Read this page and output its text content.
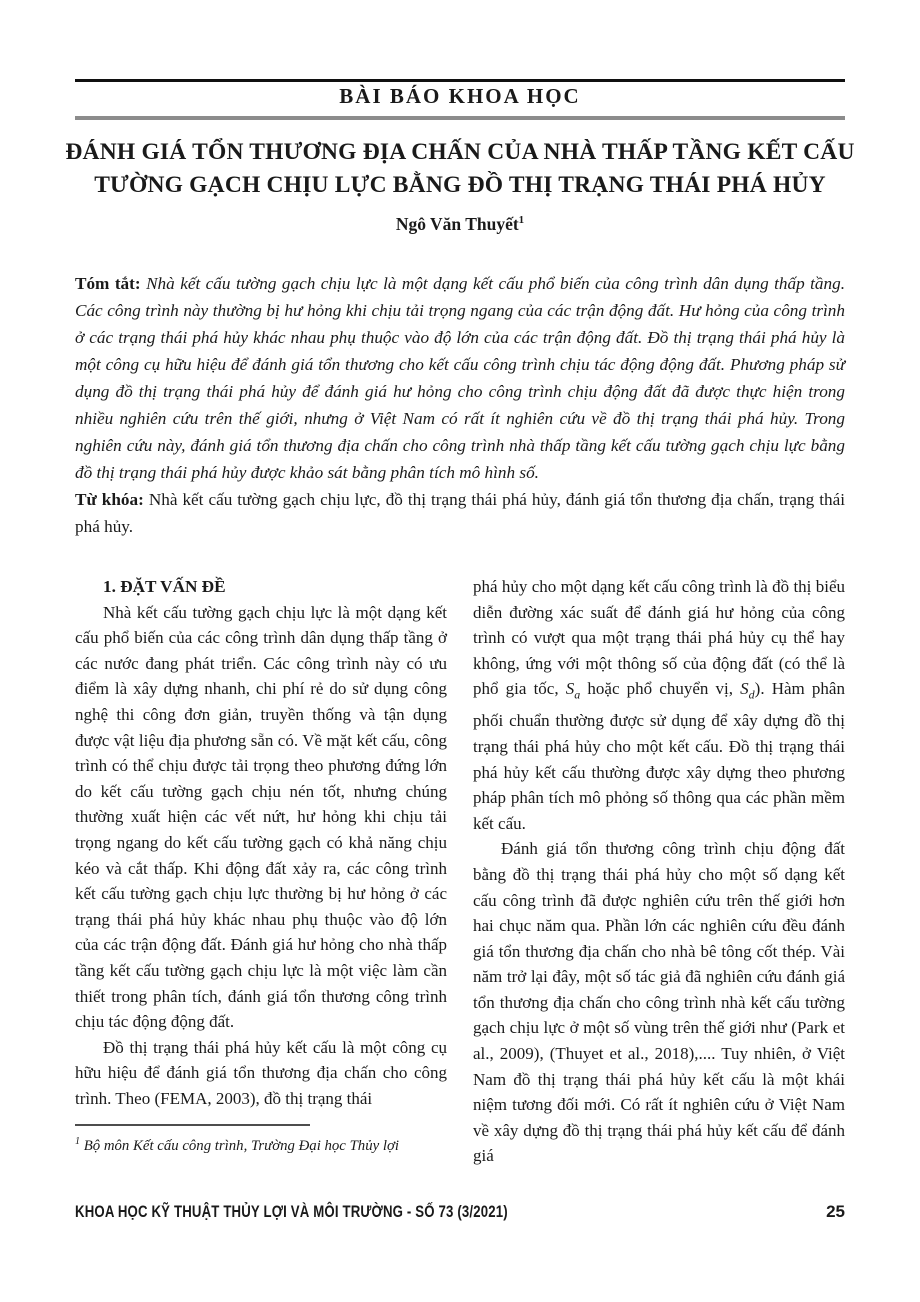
BÀI BÁO KHOA HỌC
ĐÁNH GIÁ TỔN THƯƠNG ĐỊA CHẤN CỦA NHÀ THẤP TẦNG KẾT CẤU
TƯỜNG GẠCH CHỊU LỰC BẰNG ĐỒ THỊ TRẠNG THÁI PHÁ HỦY
Ngô Văn Thuyết$^1$

Tóm tắt: Nhà kết cấu tường gạch chịu lực là một dạng kết cấu phổ biến của công trình dân dụng thấp tầng. Các công trình này thường bị hư hỏng khi chịu tải trọng ngang của các trận động đất. Hư hỏng của công trình ở các trạng thái phá hủy khác nhau phụ thuộc vào độ lớn của các trận động đất. Đồ thị trạng thái phá hủy là một công cụ hữu hiệu để đánh giá tổn thương cho kết cấu công trình chịu tác động động đất. Phương pháp sử dụng đồ thị trạng thái phá hủy để đánh giá hư hỏng cho công trình chịu động đất đã được thực hiện trong nhiều nghiên cứu trên thế giới, nhưng ở Việt Nam có rất ít nghiên cứu về đồ thị trạng thái phá hủy. Trong nghiên cứu này, đánh giá tổn thương địa chấn cho công trình nhà thấp tầng kết cấu tường gạch chịu lực bằng đồ thị trạng thái phá hủy được khảo sát bằng phân tích mô hình số.

Từ khóa: Nhà kết cấu tường gạch chịu lực, đồ thị trạng thái phá hủy, đánh giá tổn thương địa chấn, trạng thái phá hủy.

1. ĐẶT VẤN ĐỀ

Nhà kết cấu tường gạch chịu lực là một dạng kết cấu phổ biến của các công trình dân dụng thấp tầng ở các nước đang phát triển. Các công trình này có ưu điểm là xây dựng nhanh, chi phí rẻ do sử dụng công nghệ thi công đơn giản, truyền thống và tận dụng được vật liệu địa phương sẵn có. Về mặt kết cấu, công trình có thể chịu được tải trọng theo phương đứng lớn do kết cấu tường gạch chịu nén tốt, nhưng chúng thường xuất hiện các vết nứt, hư hỏng khi chịu tải trọng ngang do kết cấu tường gạch có khả năng chịu kéo và cắt thấp. Khi động đất xảy ra, các công trình kết cấu tường gạch chịu lực thường bị hư hỏng ở các trạng thái phá hủy khác nhau phụ thuộc vào độ lớn của các trận động đất. Đánh giá hư hỏng cho nhà thấp tầng kết cấu tường gạch chịu lực là một việc làm cần thiết trong phân tích, đánh giá tổn thương công trình chịu tác động động đất.

Đồ thị trạng thái phá hủy kết cấu là một công cụ hữu hiệu để đánh giá tổn thương địa chấn cho công trình. Theo (FEMA, 2003), đồ thị trạng thái

$^1$ Bộ môn Kết cấu công trình, Trường Đại học Thủy lợi

phá hủy cho một dạng kết cấu công trình là đồ thị biểu diễn đường xác suất để đánh giá hư hỏng của công trình có vượt qua một trạng thái phá hủy cụ thể hay không, ứng với một thông số của động đất (có thể là phổ gia tốc, $S_a$ hoặc phổ chuyển vị, $S_d$). Hàm phân phối chuẩn thường được sử dụng để xây dựng đồ thị trạng thái phá hủy cho một kết cấu. Đồ thị trạng thái phá hủy kết cấu thường được xây dựng theo phương pháp phân tích mô phỏng số thông qua các phần mềm kết cấu.

Đánh giá tổn thương công trình chịu động đất bằng đồ thị trạng thái phá hủy cho một số dạng kết cấu công trình đã được nghiên cứu trên thế giới hơn hai chục năm qua. Phần lớn các nghiên cứu đều đánh giá tổn thương địa chấn cho nhà bê tông cốt thép. Vài năm trở lại đây, một số tác giả đã nghiên cứu đánh giá tổn thương địa chấn cho công trình nhà kết cấu tường gạch chịu lực ở một số vùng trên thế giới như (Park et al., 2009), (Thuyet et al., 2018),.... Tuy nhiên, ở Việt Nam đồ thị trạng thái phá hủy kết cấu là một khái niệm tương đối mới. Có rất ít nghiên cứu ở Việt Nam về xây dựng đồ thị trạng thái phá hủy kết cấu để đánh giá

KHOA HỌC KỸ THUẬT THỦY LỢI VÀ MÔI TRƯỜNG - SỐ 73 (3/2021)	25
